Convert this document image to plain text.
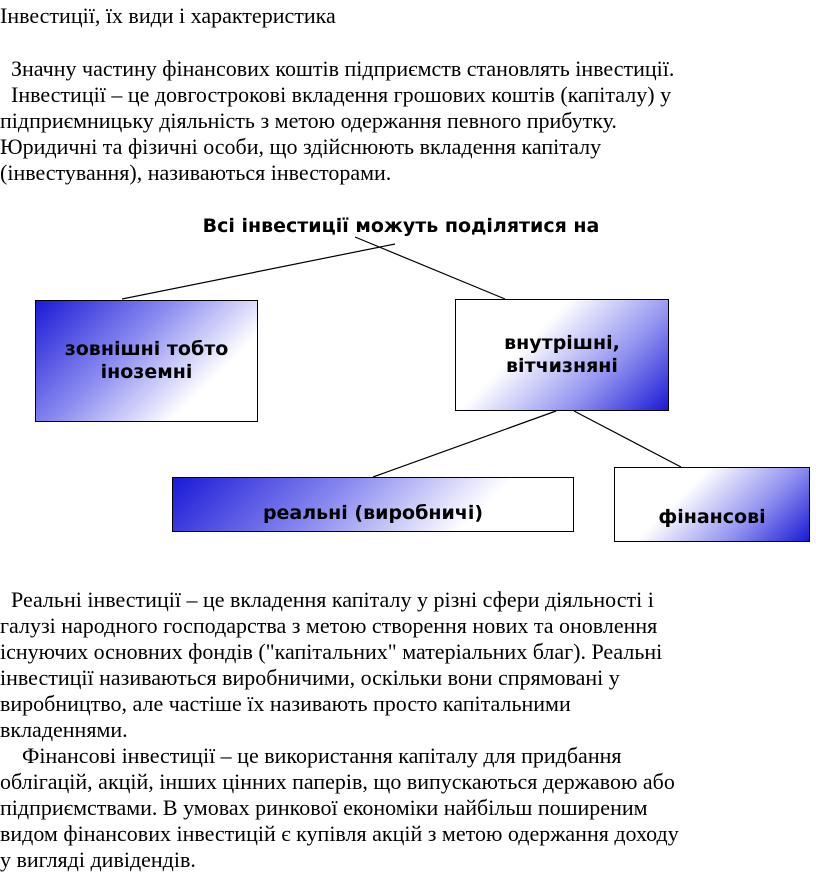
Інвестиції, їх види і характеристика
Значну частину фінансових коштів підприємств становлять інвестиції.
Інвестиції – це довгострокові вкладення грошових коштів (капіталу) у
підприємницьку діяльність з метою одержання певного прибутку.
Юридичні та фізичні особи, що здійснюють вкладення капіталу
(інвестування), називаються інвесторами.
Всі інвестиції можуть поділятися на
зовнішні тобто іноземні
внутрішні, вітчизняні
реальні (виробничі)	фінансові
Реальні інвестиції – це вкладення капіталу у різні сфери діяльності і
галузі народного господарства з метою створення нових та оновлення
існуючих основних фондів ("капітальних" матеріальних благ). Реальні
інвестиції називаються виробничими, оскільки вони спрямовані у
виробництво, але частіше їх називають просто капітальними
вкладеннями.
Фінансові інвестиції – це використання капіталу для придбання
облігацій, акцій, інших цінних паперів, що випускаються державою або
підприємствами. В умовах ринкової економіки найбільш поширеним
видом фінансових інвестицій є купівля акцій з метою одержання доходу
у вигляді дивідендів.
